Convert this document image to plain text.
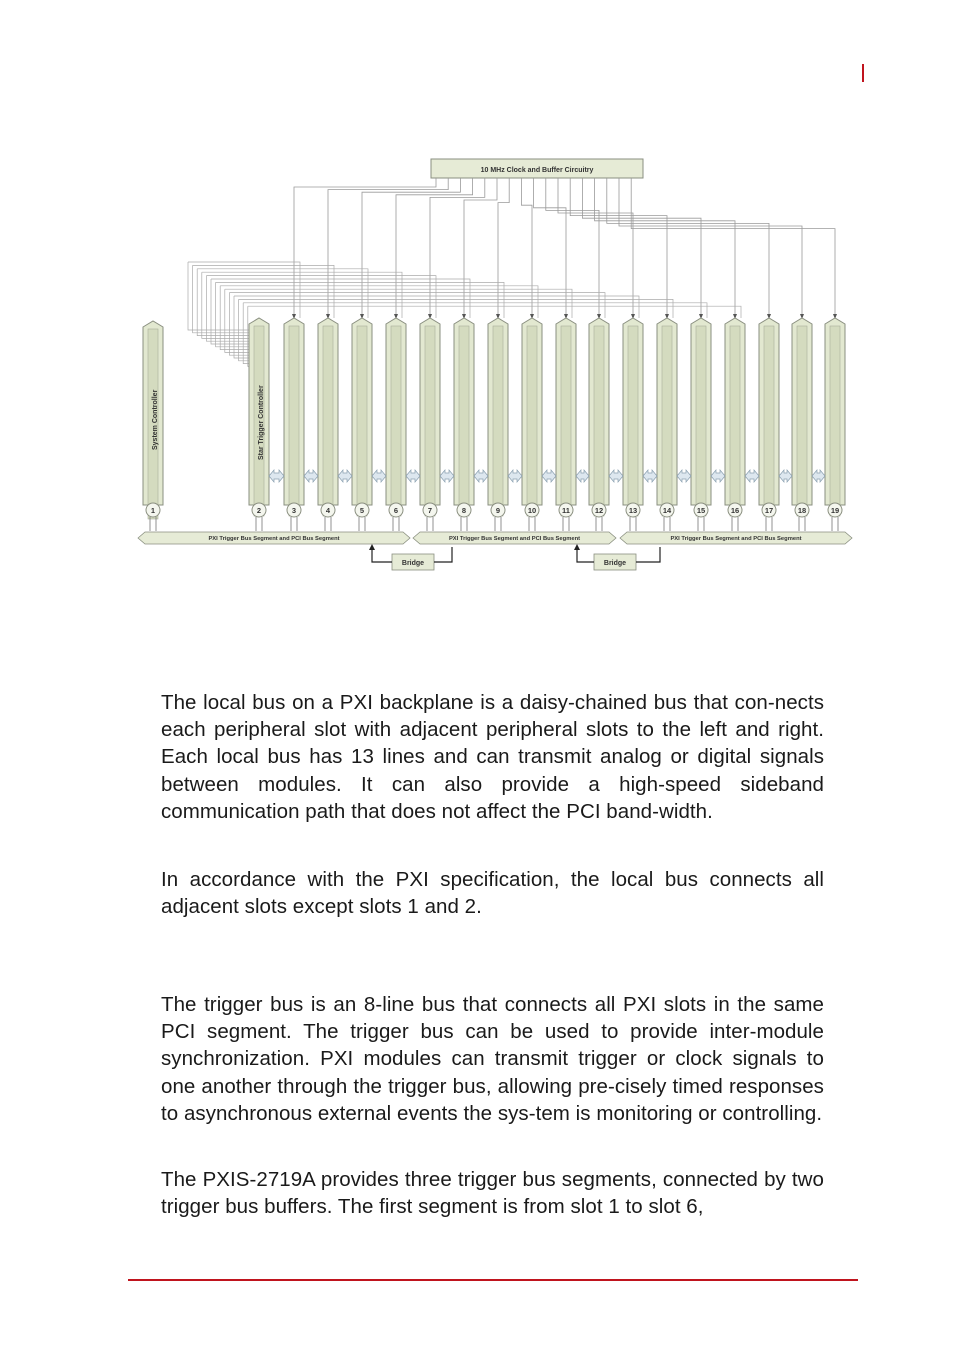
10 MHz Clock and Buffer Circuitry
1	2	3	4	5	6	7	8	9	10	11	12	13	14	15	16	17	18	19
System Controller	Star Trigger Controller
PXI Trigger Bus Segment and PCI Bus Segment	PXI Trigger Bus Segment and PCI Bus Segment	PXI Trigger Bus Segment and PCI Bus Segment
Bridge	Bridge

The local bus on a PXI backplane is a daisy-chained bus that con-nects each peripheral slot with adjacent peripheral slots to the left and right. Each local bus has 13 lines and can transmit analog or digital signals between modules. It can also provide a high-speed sideband communication path that does not affect the PCI band-width.

In accordance with the PXI specification, the local bus connects all adjacent slots except slots 1 and 2.

The trigger bus is an 8-line bus that connects all PXI slots in the same PCI segment. The trigger bus can be used to provide inter-module synchronization. PXI modules can transmit trigger or clock signals to one another through the trigger bus, allowing pre-cisely timed responses to asynchronous external events the sys-tem is monitoring or controlling.

The PXIS-2719A provides three trigger bus segments, connected by two trigger bus buffers. The first segment is from slot 1 to slot 6,
